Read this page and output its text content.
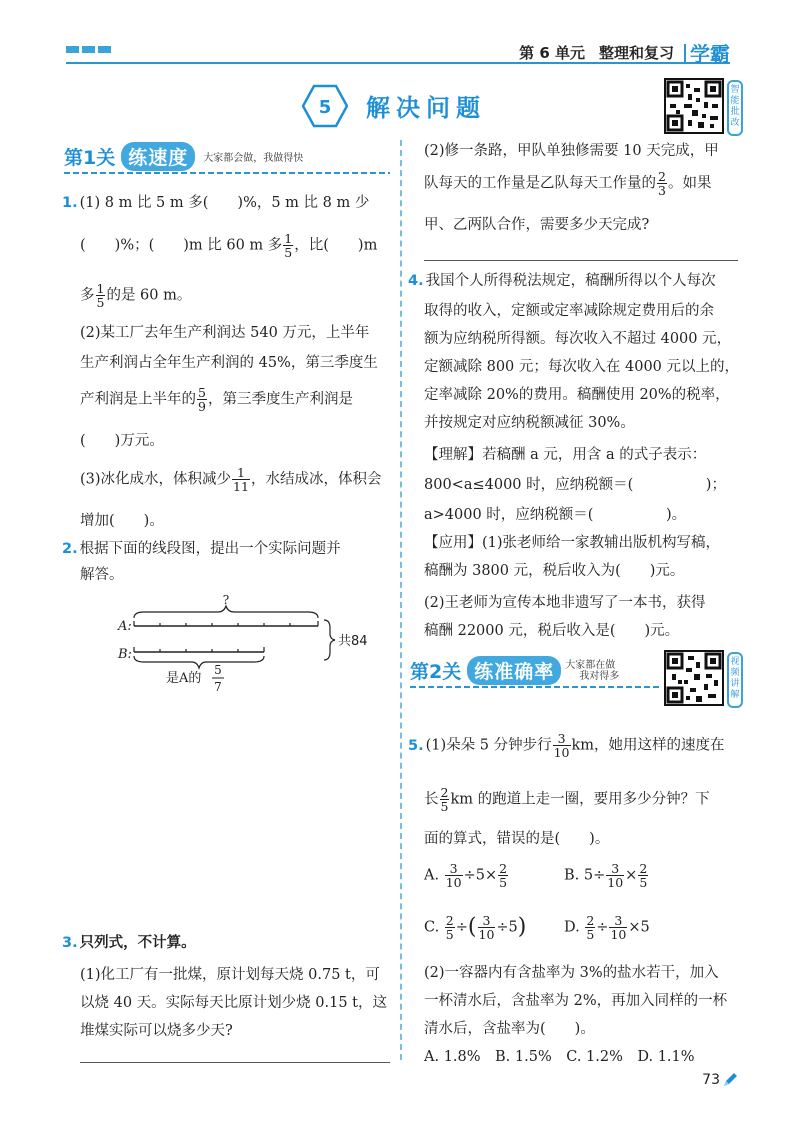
第 6 单元 整理和复习 学霸
5 解决问题
智能批改
第1关 练速度	大家都会做，我做得快
1. (1) 8 m 比 5 m 多(　　)%，5 m 比 8 m 少
(　　)%；(　　)m 比 60 m 多 $\frac{1}{5}$ ，比(　　)m
多 $\frac{1}{5}$ 的是 60 m。
(2)某工厂去年生产利润达 540 万元，上半年
生产利润占全年生产利润的 45%，第三季度生
产利润是上半年的 $\frac{5}{9}$ ，第三季度生产利润是
(　　)万元。
(3)冰化成水，体积减少 $\frac{1}{11}$ ，水结成冰，体积会
增加(　　)。
2. 根据下面的线段图，提出一个实际问题并
解答。
A:
B:
?
共84
是A的
5
7
3. 只列式，不计算。
(1)化工厂有一批煤，原计划每天烧 0.75 t，可
以烧 40 天。实际每天比原计划少烧 0.15 t，这
堆煤实际可以烧多少天?
(2)修一条路，甲队单独修需要 10 天完成，甲
队每天的工作量是乙队每天工作量的 $\frac{2}{3}$ 。如果
甲、乙两队合作，需要多少天完成?
4. 我国个人所得税法规定，稿酬所得以个人每次
取得的收入，定额或定率减除规定费用后的余
额为应纳税所得额。每次收入不超过 4000 元，
定额减除 800 元；每次收入在 4000 元以上的，
定率减除 20%的费用。稿酬使用 20%的税率，
并按规定对应纳税额减征 30%。
【理解】若稿酬 a 元，用含 a 的式子表示：
800<a≤4000 时，应纳税额＝(　　　　　)；
a>4000 时，应纳税额＝(　　　　　)。
【应用】(1)张老师给一家教辅出版机构写稿，
稿酬为 3800 元，税后收入为(　　)元。
(2)王老师为宣传本地非遗写了一本书，获得
稿酬 22000 元，税后收入是(　　)元。
第2关 练准确率	大家都在做
我对得多
视频讲解
5. (1)朵朵 5 分钟步行 $\frac{3}{10}$ km，她用这样的速度在
长 $\frac{2}{5}$ km 的跑道上走一圈，要用多少分钟？下
面的算式，错误的是(　　)。
A. $\frac{3}{10} \div 5\times \frac{2}{5}$	B. $5\div \frac{3}{10} \times \frac{2}{5}$
C. $\frac{2}{5}$ ÷( $\frac{3}{10} \div 5$)	D. $\frac{2}{5} \div \frac{3}{10} \times 5$
(2)一容器内有含盐率为 3%的盐水若干，加入
一杯清水后，含盐率为 2%，再加入同样的一杯
清水后，含盐率为(　　)。
A. 1.8%　B. 1.5%　C. 1.2%　D. 1.1%
73
